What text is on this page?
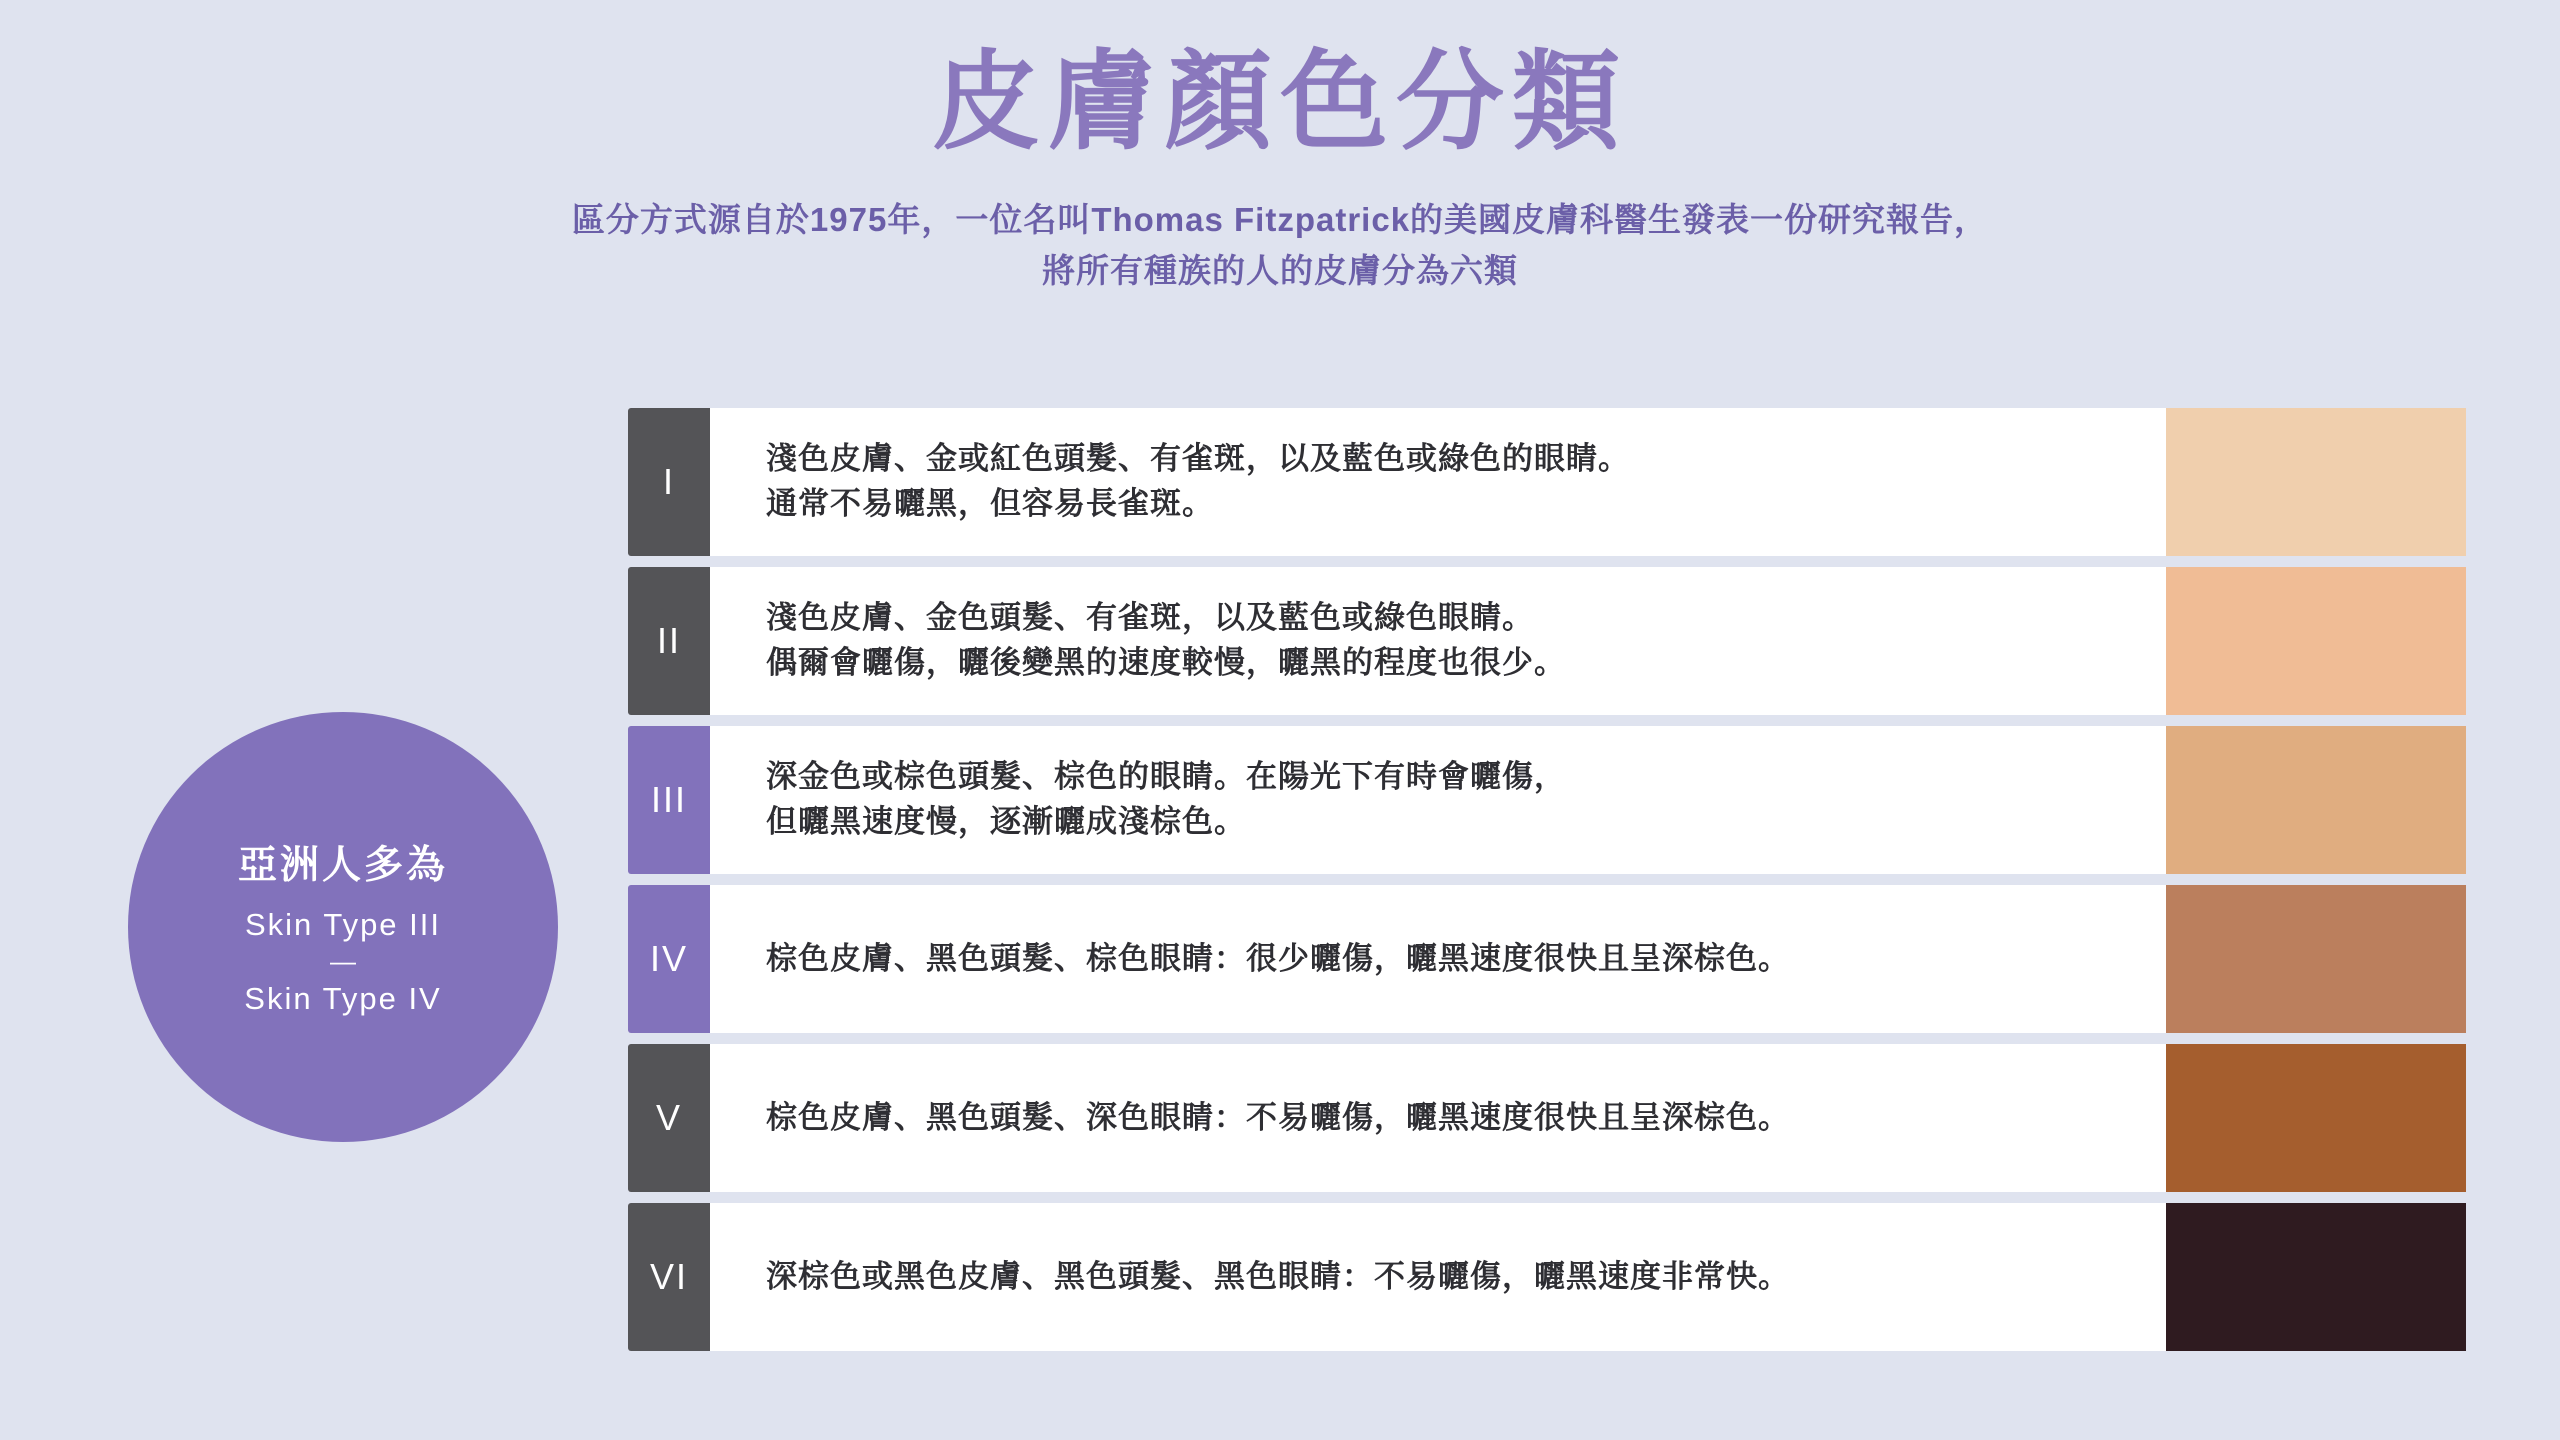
皮膚顏色分類
區分方式源自於1975年，一位名叫Thomas Fitzpatrick的美國皮膚科醫生發表一份研究報告，
將所有種族的人的皮膚分為六類
亞洲人多為
Skin Type III
—
Skin Type IV
I
淺色皮膚、金或紅色頭髮、有雀斑，以及藍色或綠色的眼睛。
通常不易曬黑，但容易長雀斑。
II
淺色皮膚、金色頭髮、有雀斑，以及藍色或綠色眼睛。
偶爾會曬傷，曬後變黑的速度較慢，曬黑的程度也很少。
III
深金色或棕色頭髮、棕色的眼睛。在陽光下有時會曬傷，
但曬黑速度慢，逐漸曬成淺棕色。
IV	棕色皮膚、黑色頭髮、棕色眼睛：很少曬傷，曬黑速度很快且呈深棕色。
V	棕色皮膚、黑色頭髮、深色眼睛：不易曬傷，曬黑速度很快且呈深棕色。
VI	深棕色或黑色皮膚、黑色頭髮、黑色眼睛：不易曬傷，曬黑速度非常快。
